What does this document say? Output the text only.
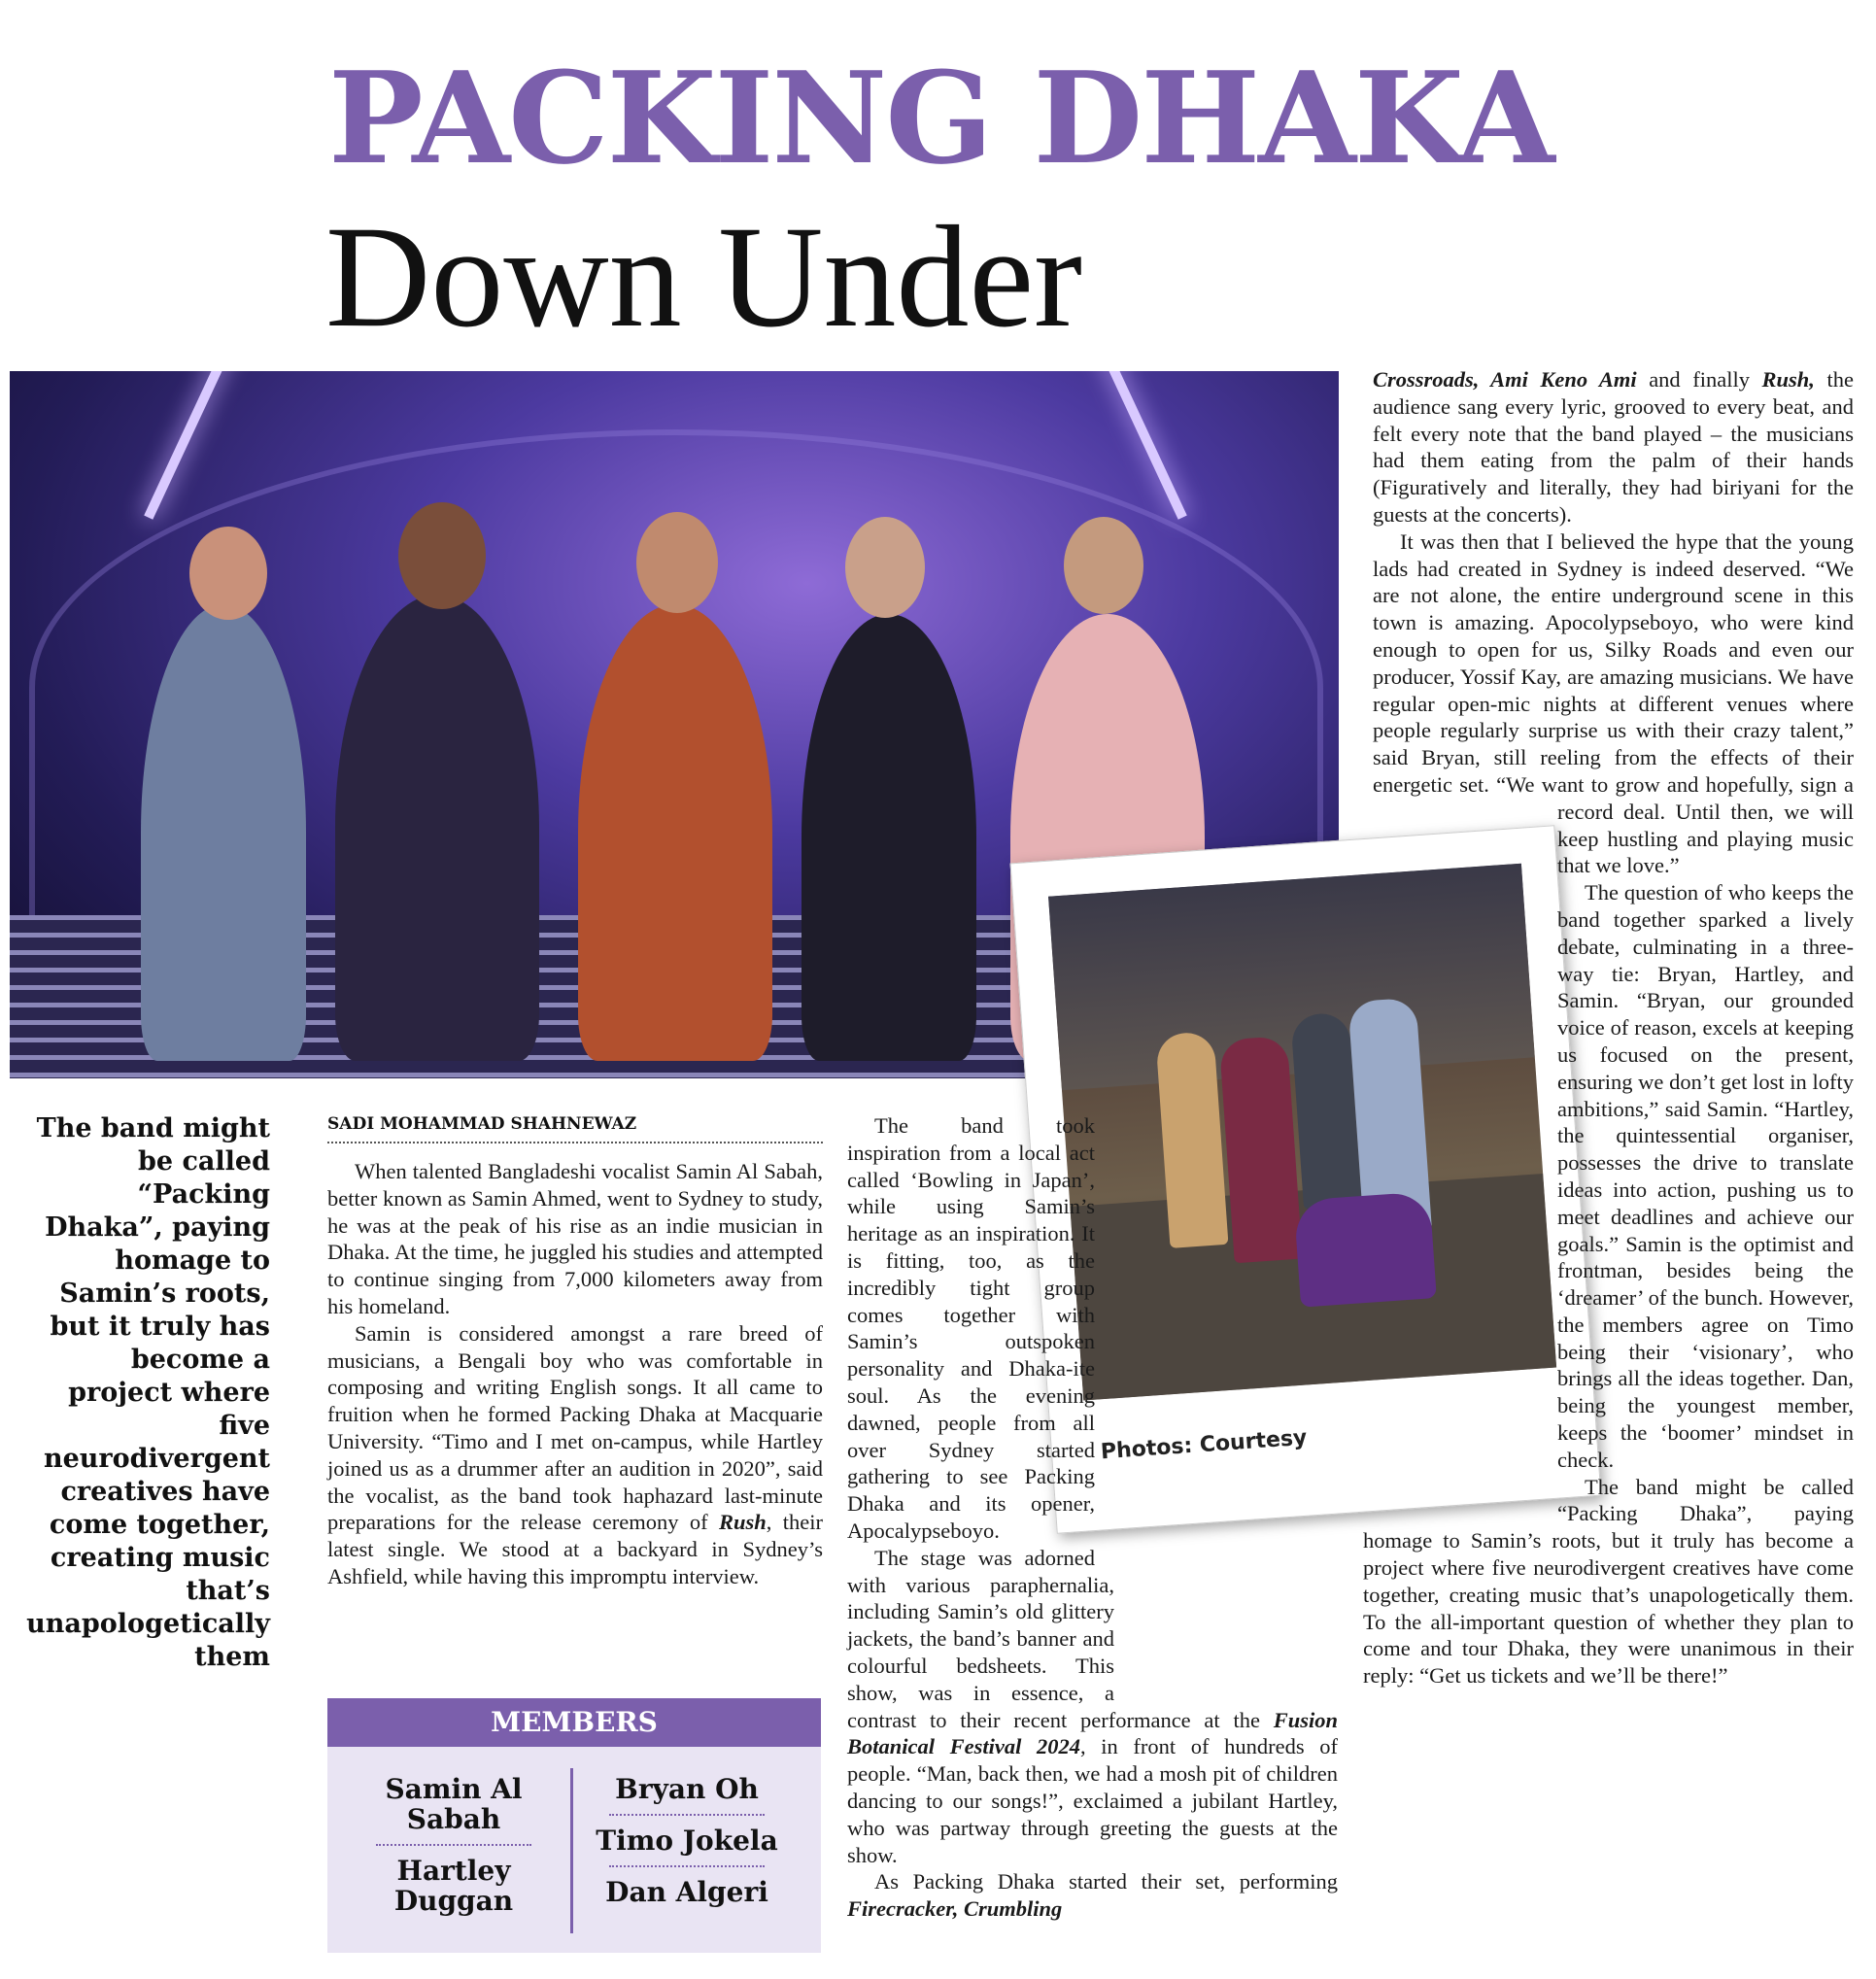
PACKING DHAKA
Down Under
Photos: Courtesy

The band might be called “Packing Dhaka”, paying homage to Samin’s roots, but it truly has become a project where five neurodivergent creatives have come together, creating music that’s unapologetically them

SADI MOHAMMAD SHAHNEWAZ

When talented Bangladeshi vocalist Samin Al Sabah, better known as Samin Ahmed, went to Sydney to study, he was at the peak of his rise as an indie musician in Dhaka. At the time, he juggled his studies and attempted to continue singing from 7,000 kilometers away from his homeland.

Samin is considered amongst a rare breed of musicians, a Bengali boy who was comfortable in composing and writing English songs. It all came to fruition when he formed Packing Dhaka at Macquarie University. “Timo and I met on-campus, while Hartley joined us as a drummer after an audition in 2020”, said the vocalist, as the band took haphazard last-minute preparations for the release ceremony of Rush, their latest single. We stood at a backyard in Sydney’s Ashfield, while having this impromptu interview.

MEMBERS
Samin Al Sabah
Hartley Duggan
Bryan Oh
Timo Jokela
Dan Algeri

The band took inspiration from a local act called ‘Bowling in Japan’, while using Samin’s heritage as an inspiration. It is fitting, too, as the incredibly tight group comes together with Samin’s outspoken personality and Dhaka-ite soul. As the evening dawned, people from all over Sydney started gathering to see Packing Dhaka and its opener, Apocalypseboyo.

The stage was adorned with various paraphernalia, including Samin’s old glittery jackets, the band’s banner and colourful bedsheets. This show, was in essence, a contrast to their recent performance at the Fusion Botanical Festival 2024, in front of hundreds of people. “Man, back then, we had a mosh pit of children dancing to our songs!”, exclaimed a jubilant Hartley, who was partway through greeting the guests at the show.

As Packing Dhaka started their set, performing Firecracker, Crumbling

Crossroads, Ami Keno Ami and finally Rush, the audience sang every lyric, grooved to every beat, and felt every note that the band played – the musicians had them eating from the palm of their hands (Figuratively and literally, they had biriyani for the guests at the concerts).

It was then that I believed the hype that the young lads had created in Sydney is indeed deserved. “We are not alone, the entire underground scene in this town is amazing. Apocolypseboyo, who were kind enough to open for us, Silky Roads and even our producer, Yossif Kay, are amazing musicians. We have regular open-mic nights at different venues where people regularly surprise us with their crazy talent,” said Bryan, still reeling from the effects of their energetic set. “We want to grow and hopefully, sign a record deal. Until then, we will keep hustling and playing music that we love.”

The question of who keeps the band together sparked a lively debate, culminating in a three-way tie: Bryan, Hartley, and Samin. “Bryan, our grounded voice of reason, excels at keeping us focused on the present, ensuring we don’t get lost in lofty ambitions,” said Samin. “Hartley, the quintessential organiser, possesses the drive to translate ideas into action, pushing us to meet deadlines and achieve our goals.” Samin is the optimist and frontman, besides being the ‘dreamer’ of the bunch. However, the members agree on Timo being their ‘visionary’, who brings all the ideas together. Dan, being the youngest member, keeps the ‘boomer’ mindset in check.

The band might be called “Packing Dhaka”, paying homage to Samin’s roots, but it truly has become a project where five neurodivergent creatives have come together, creating music that’s unapologetically them. To the all-important question of whether they plan to come and tour Dhaka, they were unanimous in their reply: “Get us tickets and we’ll be there!”
